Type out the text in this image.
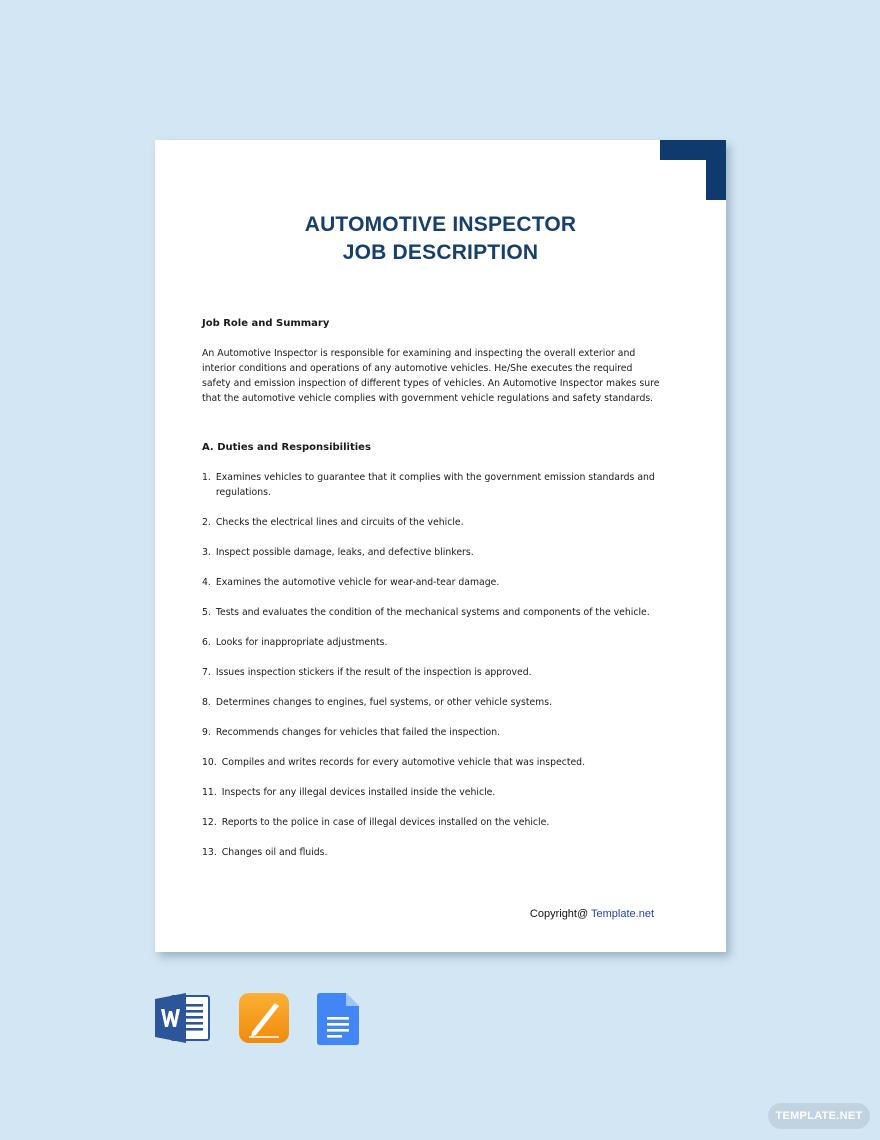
AUTOMOTIVE INSPECTOR
JOB DESCRIPTION
Job Role and Summary

An Automotive Inspector is responsible for examining and inspecting the overall exterior and interior conditions and operations of any automotive vehicles. He/She executes the required safety and emission inspection of different types of vehicles. An Automotive Inspector makes sure that the automotive vehicle complies with government vehicle regulations and safety standards.

A. Duties and Responsibilities
1. Examines vehicles to guarantee that it complies with the government emission standards and regulations.
2. Checks the electrical lines and circuits of the vehicle.
3. Inspect possible damage, leaks, and defective blinkers.
4. Examines the automotive vehicle for wear-and-tear damage.
5. Tests and evaluates the condition of the mechanical systems and components of the vehicle.
6. Looks for inappropriate adjustments.
7. Issues inspection stickers if the result of the inspection is approved.
8. Determines changes to engines, fuel systems, or other vehicle systems.
9. Recommends changes for vehicles that failed the inspection.
10. Compiles and writes records for every automotive vehicle that was inspected.
11. Inspects for any illegal devices installed inside the vehicle.
12. Reports to the police in case of illegal devices installed on the vehicle.
13. Changes oil and fluids.
Copyright@ Template.net
TEMPLATE.NET
